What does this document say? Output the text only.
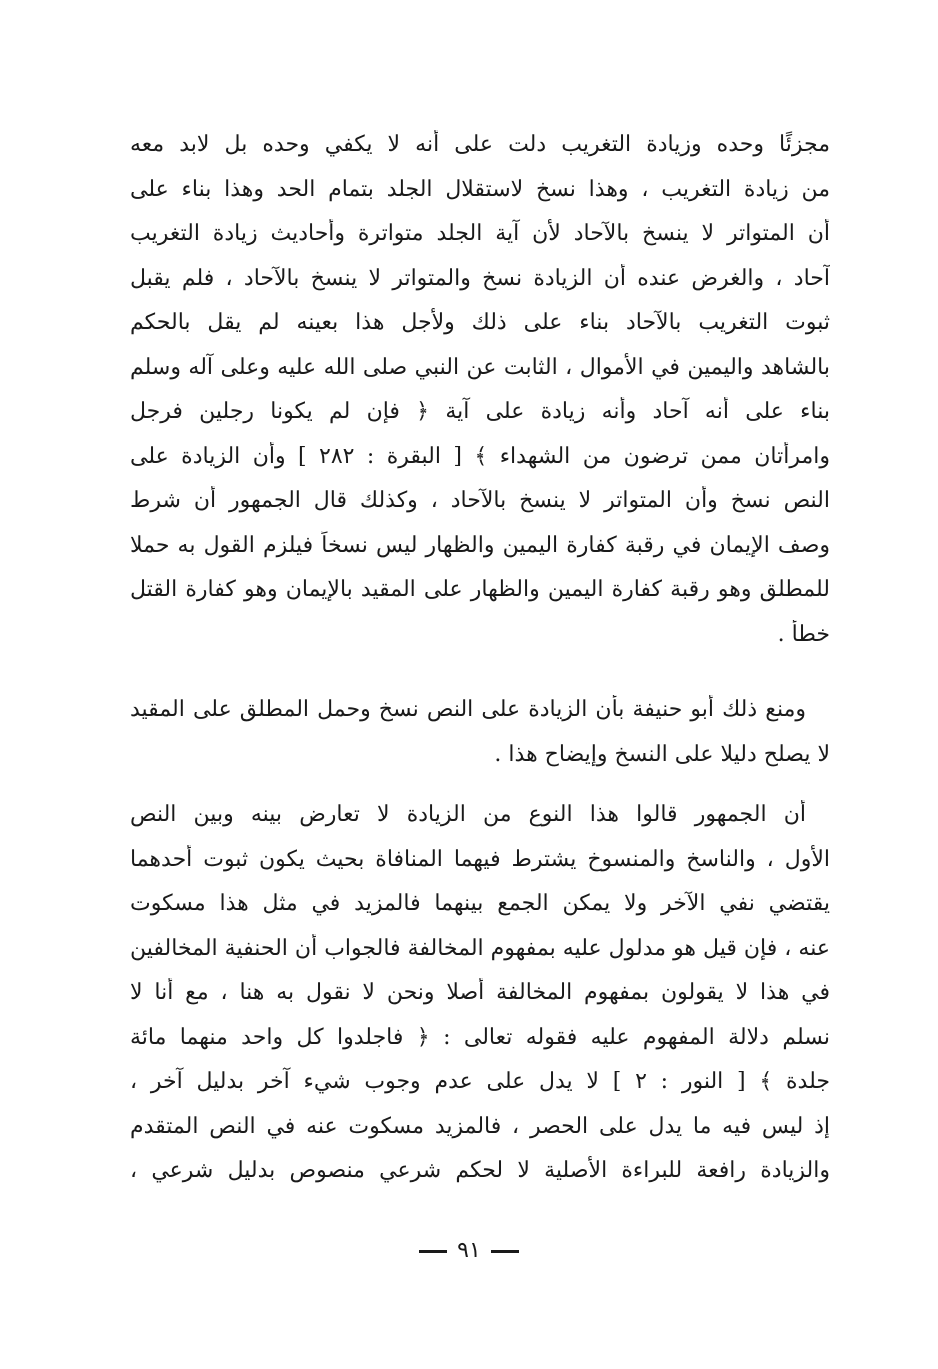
مجزئًا وحده وزيادة التغريب دلت على أنه لا يكفي وحده بل لابد معه
من زيادة التغريب ، وهذا نسخ لاستقلال الجلد بتمام الحد وهذا بناء على
أن المتواتر لا ينسخ بالآحاد لأن آية الجلد متواترة وأحاديث زيادة التغريب
آحاد ، والغرض عنده أن الزيادة نسخ والمتواتر لا ينسخ بالآحاد ، فلم يقبل
ثبوت التغريب بالآحاد بناء على ذلك ولأجل هذا بعينه لم يقل بالحكم
بالشاهد واليمين في الأموال ، الثابت عن النبي صلى الله عليه وعلى آله وسلم
بناء على أنه آحاد وأنه زيادة على آية ﴿ فإن لم يكونا رجلين فرجل
وامرأتان ممن ترضون من الشهداء ﴾ [ البقرة : ٢٨٢ ] وأن الزيادة على
النص نسخ وأن المتواتر لا ينسخ بالآحاد ، وكذلك قال الجمهور أن شرط
وصف الإيمان في رقبة كفارة اليمين والظهار ليس نسخاً فيلزم القول به حملا
للمطلق وهو رقبة كفارة اليمين والظهار على المقيد بالإيمان وهو كفارة القتل
خطأً .
ومنع ذلك أبو حنيفة بأن الزيادة على النص نسخ وحمل المطلق على المقيد
لا يصلح دليلا على النسخ وإيضاح هذا .
أن الجمهور قالوا هذا النوع من الزيادة لا تعارض بينه وبين النص
الأول ، والناسخ والمنسوخ يشترط فيهما المنافاة بحيث يكون ثبوت أحدهما
يقتضي نفي الآخر ولا يمكن الجمع بينهما فالمزيد في مثل هذا مسكوت
عنه ، فإن قيل هو مدلول عليه بمفهوم المخالفة فالجواب أن الحنفية المخالفين
في هذا لا يقولون بمفهوم المخالفة أصلا ونحن لا نقول به هنا ، مع أنا لا
نسلم دلالة المفهوم عليه فقوله تعالى : ﴿ فاجلدوا كل واحد منهما مائة
جلدة ﴾ [ النور : ٢ ] لا يدل على عدم وجوب شيء آخر بدليل آخر ،
إذ ليس فيه ما يدل على الحصر ، فالمزيد مسكوت عنه في النص المتقدم
والزيادة رافعة للبراءة الأصلية لا لحكم شرعي منصوص بدليل شرعي ،
٩١
